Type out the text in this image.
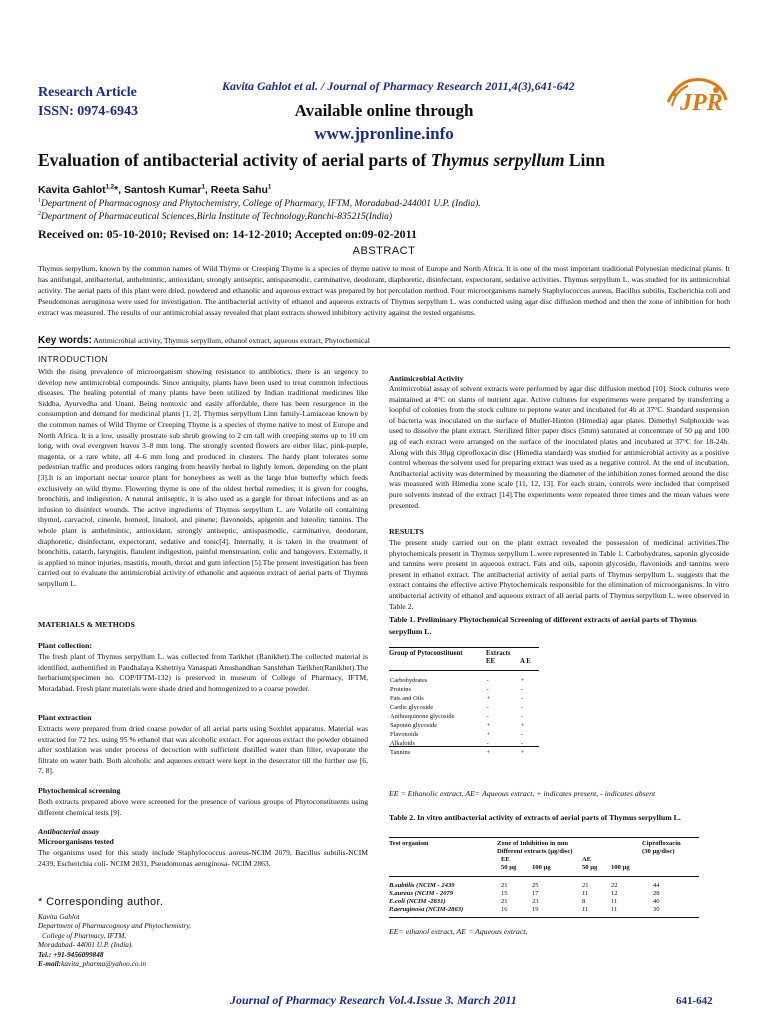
Research Article
ISSN: 0974-6943
Kavita Gahlot et al. / Journal of Pharmacy Research 2011,4(3),641-642
Available online through
www.jpronline.info
JPR
Evaluation of antibacterial activity of aerial parts of Thymus serpyllum Linn
Kavita Gahlot$^{1,2}$*, Santosh Kumar$^1$, Reeta Sahu$^1$
$^1$Department of Pharmacognosy and Phytochemistry, College of Pharmacy, IFTM, Moradabad-244001 U.P. (India).
$^2$Department of Pharmaceutical Sciences,Birla Institute of Technology,Ranchi-835215(India)
Received on: 05-10-2010; Revised on: 14-12-2010; Accepted on:09-02-2011
ABSTRACT
Thymus serpyllum, known by the common names of Wild Thyme or Creeping Thyme is a species of thyme native to most of Europe and North Africa. It is one of the most important traditional Polynesian medicinal plants. It has antifungal, antibacterial, anthelmintic, antioxidant, strongly antiseptic, antispasmodic, carminative, deodorant, diaphoretic, disinfectant, expectorant, sedative activities. Thymus serpyllum L. was studied for its antimicrobial activity. The aerial parts of this plant were dried, powdered and ethanolic and aqueous extract was prepared by hot percolation method. Four microorganisms namely Staphylococcus aureus, Bacillus subtilis, Escherichia coli and Pseudomonas aeruginosa were used for investigation. The antibacterial activity of ethanol and aqueous extracts of Thymus serpyllum L. was conducted using agar disc diffusion method and then the zone of inhibition for both extract was measured. The results of our antimicrobial assay revealed that plant extracts showed inhibitory activity against the tested organisms.
Key words: Antimicrobial activity, Thymus serpyllum, ethanol extract, aqueous extract, Phytochemical
INTRODUCTION
With the rising prevalence of microorganism showing resistance to antibiotics, there is an urgency to develop new antimicrobial compounds. Since antiquity, plants have been used to treat common infectious diseases. The healing potential of many plants have been utilized by Indian traditional medicines like Siddha, Ayurvedha and Unani. Being nontoxic and easily affordable, there has been resurgence in the consumption and demand for medicinal plants [1, 2]. Thymus serpyllum Linn family-Lamiaceae known by the common names of Wild Thyme or Creeping Thyme is a species of thyme native to most of Europe and North Africa. It is a low, usually prostrate sub shrub growing to 2 cm tall with creeping stems up to 10 cm long, with oval evergreen leaves 3–8 mm long. The strongly scented flowers are either lilac, pink-purple, magenta, or a rare white, all 4–6 mm long and produced in clusters. The hardy plant tolerates some pedestrian traffic and produces odors ranging from heavily herbal to lightly lemon, depending on the plant [3].It is an important nectar source plant for honeybees as well as the large blue butterfly which feeds exclusively on wild thyme. Flowering thyme is one of the oldest herbal remedies; it is given for coughs, bronchitis, and indigestion. A natural antiseptic, it is also used as a gargle for throat infections and as an infusion to disinfect wounds. The active ingredients of Thymus serpyllum L. are Volatile oil containing thymol, carvacrol, cineole, borneol, linalool, and pinene; flavonoids, apigenin and luteolin; tannins. The whole plant is anthelmintic, antioxidant, strongly antiseptic, antispasmodic, carminative, deodorant, diaphoretic, disinfectant, expectorant, sedative and tonic[4]. Internally, it is taken in the treatment of bronchitis, catarrh, laryngitis, flatulent indigestion, painful menstruation, colic and hangovers. Externally, it is applied to minor injuries, mastitis, mouth, throat and gum infection [5].The present investigation has been carried out to evaluate the antimicrobial activity of ethanolic and aqueous extract of aerial parts of Thymus serpyllum L.
MATERIALS & METHODS
Plant collection:
The fresh plant of Thymus serpyllum L. was collected from Tarikhet (Ranikhet).The collected material is identified, authentified in Paudhalaya Kshetriya Vanaspati Anushandhan Sanshthan Tarikhet(Ranikhet).The herbarium(specimen no. COP/IFTM-132) is preserved in museum of College of Pharmacy, IFTM, Moradabad. Fresh plant materials were shade dried and homogenized to a coarse powder.
Plant extraction
Extracts were prepared from dried coarse powder of all aerial parts using Soxhlet apparatus. Material was extracted for 72 hrs. using 95 % ethanol that was alcoholic extract. For aqueous extract the powder obtained after soxhlation was under process of decoction with sufficient distilled water than filter, evaporate the filtrate on water bath. Both alcoholic and aqueous extract were kept in the desecrator till the further use [6, 7, 8].
Phytochemical screening
Both extracts prepared above were screened for the presence of various groups of Phytoconstituents using different chemical tests [9].
Antibacterial assay
Microorganisms tested
The organisms used for this study include Staphylococcus aureus-NCIM 2079, Bacillus subtilis-NCIM 2439, Escherichia coli- NCIM 2831, Pseudomonas aeruginosa- NCIM 2863.
* Corresponding author.
Kavita Gahlot
Department of Pharmacognosy and Phytochemistry,
College of Pharmacy, IFTM,
Moradabad- 44001 U.P. (India).
Tel.: +91-9456099848
E-mail:kavita_pharma@yahoo.co.in
Antimicrobial Activity
Antimicrobial assay of solvent extracts were performed by agar disc diffusion method [10]. Stock cultures were maintained at 4°C on slants of nutrient agar. Active cultures for experiments were prepared by transferring a loopful of colonies from the stock culture to peptone water and incubated for 4h at 37°C. Standard suspension of bacteria was inoculated on the surface of Muller-Hinton (Himedia) agar plates. Dimethyl Sulphoxide was used to dissolve the plant extract. Sterilized filter paper discs (5mm) saturated at concentrate of 50 µg and 100 µg of each extract were arranged on the surface of the inoculated plates and incubated at 37°C for 18-24h. Along with this 30µg ciprofloxacin disc (Himedia standard) was studied for antimicrobial activity as a positive control whereas the solvent used for preparing extract was used as a negative control. At the end of incubation, Antibacterial activity was determined by measuring the diameter of the inhibition zones formed around the disc was measured with Himedia zone scale [11, 12, 13]. For each strain, controls were included that comprised pure solvents instead of the extract [14].The experiments were repeated three times and the mean values were presented.
RESULTS
The present study carried out on the plant extract revealed the possession of medicinal activities.The phytochemicals present in Thymus serpyllum L.were represented in Table 1. Carbohydrates, saponin glycoside and tannins were present in aqueous extract. Fats and oils, saponin glycoside, flavoniods and tannins were present in ethanol extract. The antibacterial activity of aerial parts of Thymus serpyllum L. suggests that the extract contains the effective active Phytochemicals responsible for the elimination of microorganisms. In vitro antibacterial activity of ethanol and aqueous extract of all aerial parts of Thymus serpyllum L. were observed in Table 2.
Table 1. Preliminary Phytochemical Screening of different extracts of aerial parts of Thymus serpyllum L.
Group of Pytoconstituent	Extracts
EE	A E
Carbohydrates	-	+
Proteins	-	-
Fats and Oils	+	-
Cardic glycoside	-	-
Anthraquinone glycoside	-	-
Saponin glycoside	+	+
Flavonoids	+	-
Alkaloids	-	-
Tannins	+	+
EE = Ethanolic extract, AE= Aqueous extract, + indicates present, - indicates absent
Table 2. In vitro antibacterial activity of extracts of aerial parts of Thymus serpyllum L.
Test organism	Zone of Inhibition in mm
Different extracts (µg/disc)
EE	AE
50 µg 100 µg	50 µg 100 µg
Ciprofloxacin
(30 µg/disc)
B.subtilis (NCIM - 2439	21	25	21	22	44
S.aureus (NCIM - 2079	15	17	11	12	28
E.coli (NCIM -2831)	21	23	8	11	40
P.aeruginosa (NCIM-2863)	16	19	11	11	30
EE= ethanol extract, AE = Aqueous extract,
Journal of Pharmacy Research Vol.4.Issue 3. March 2011	641-642
